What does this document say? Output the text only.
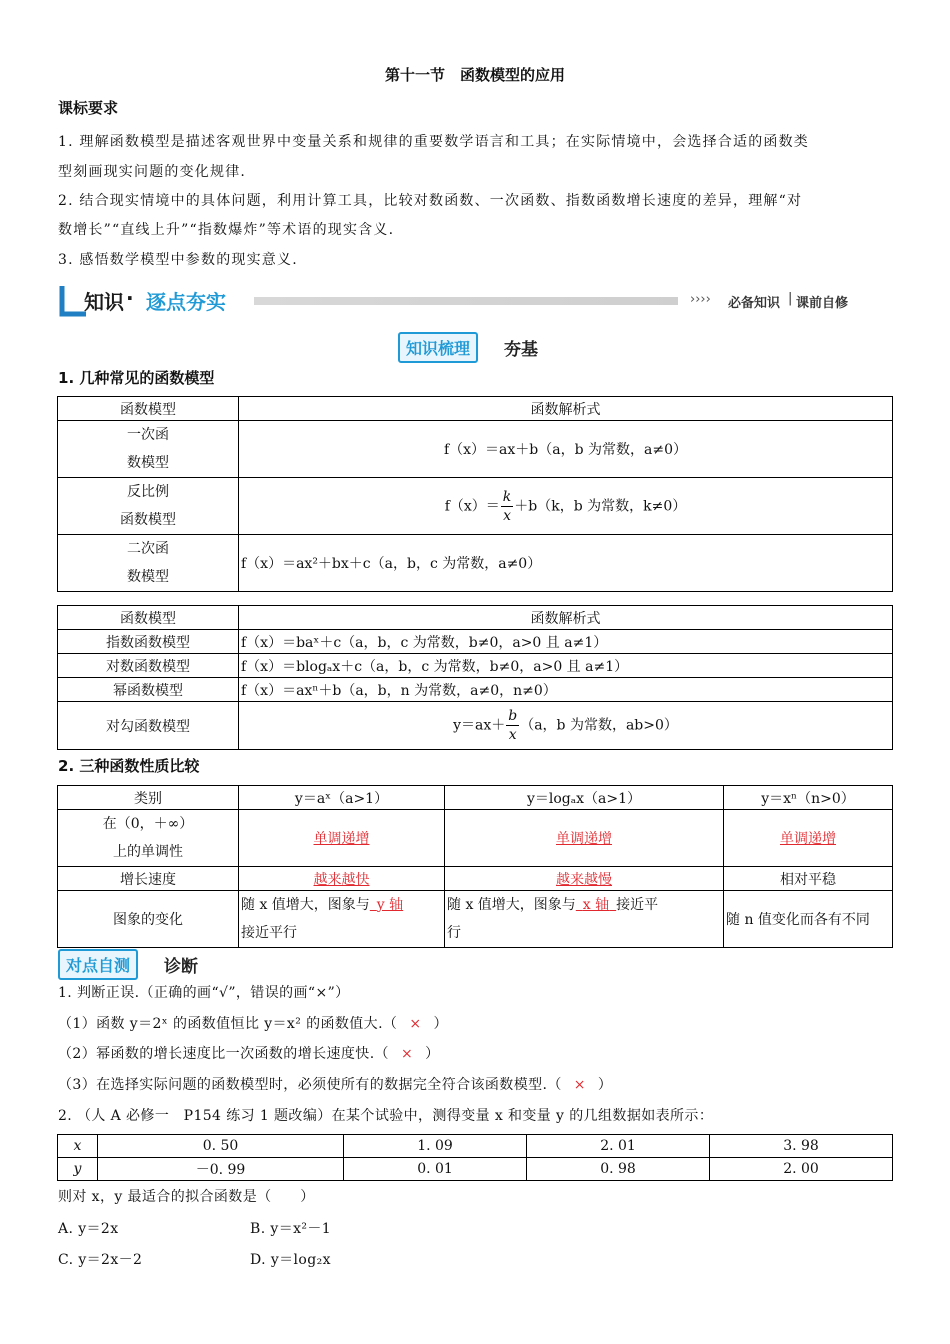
第十一节　函数模型的应用
课标要求
1. 理解函数模型是描述客观世界中变量关系和规律的重要数学语言和工具；在实际情境中，会选择合适的函数类
型刻画现实问题的变化规律.
2. 结合现实情境中的具体问题，利用计算工具，比较对数函数、一次函数、指数函数增长速度的差异，理解“对
数增长”“直线上升”“指数爆炸”等术语的现实含义.
3. 感悟数学模型中参数的现实意义.
知识 · 逐点夯实	›››› 必备知识 | 课前自修
知识梳理	夯基
1. 几种常见的函数模型
函数模型	函数解析式
一次函
数模型	f（x）＝ax＋b（a，b 为常数，a≠0）
反比例
函数模型	$f(x)= \frac{k}{x} +b(k$，b 为常数，k≠0）
二次函
数模型	f（x）＝ax²＋bx＋c（a，b，c 为常数，a≠0）
函数模型	函数解析式
指数函数模型	f（x）＝baˣ＋c（a，b，c 为常数，b≠0，a>0 且 a≠1）
对数函数模型	f（x）＝blogₐx＋c（a，b，c 为常数，b≠0，a>0 且 a≠1）
幂函数模型	f（x）＝axⁿ＋b（a，b，n 为常数，a≠0，n≠0）
对勾函数模型	$y=ax+ \frac{b}{x} (a$，b 为常数，ab>0）
2. 三种函数性质比较
类别	y＝aˣ（a>1）	y＝logₐx（a>1）	y＝xⁿ（n>0）
在（0，＋∞）
上的单调性	单调递增	单调递增	单调递增
增长速度	越来越快	越来越慢	相对平稳
图象的变化	随 x 值增大，图象与  y 轴
接近平行	随 x 值增大，图象与  x 轴  接近平
行	随 n 值变化而各有不同
对点自测	诊断
1. 判断正误.（正确的画“√”，错误的画“×”）
（1）函数 y＝2ˣ 的函数值恒比 y＝x² 的函数值大.（ × ）
（2）幂函数的增长速度比一次函数的增长速度快.（ × ）
（3）在选择实际问题的函数模型时，必须使所有的数据完全符合该函数模型.（ × ）
2. （人 A 必修一　P154 练习 1 题改编）在某个试验中，测得变量 x 和变量 y 的几组数据如表所示：
x	0. 50	1. 09	2. 01	3. 98
y	－0. 99	0. 01	0. 98	2. 00
则对 x，y 最适合的拟合函数是（　　）
A. y＝2x	B. y＝x²－1
C. y＝2x－2	D. y＝log₂x
